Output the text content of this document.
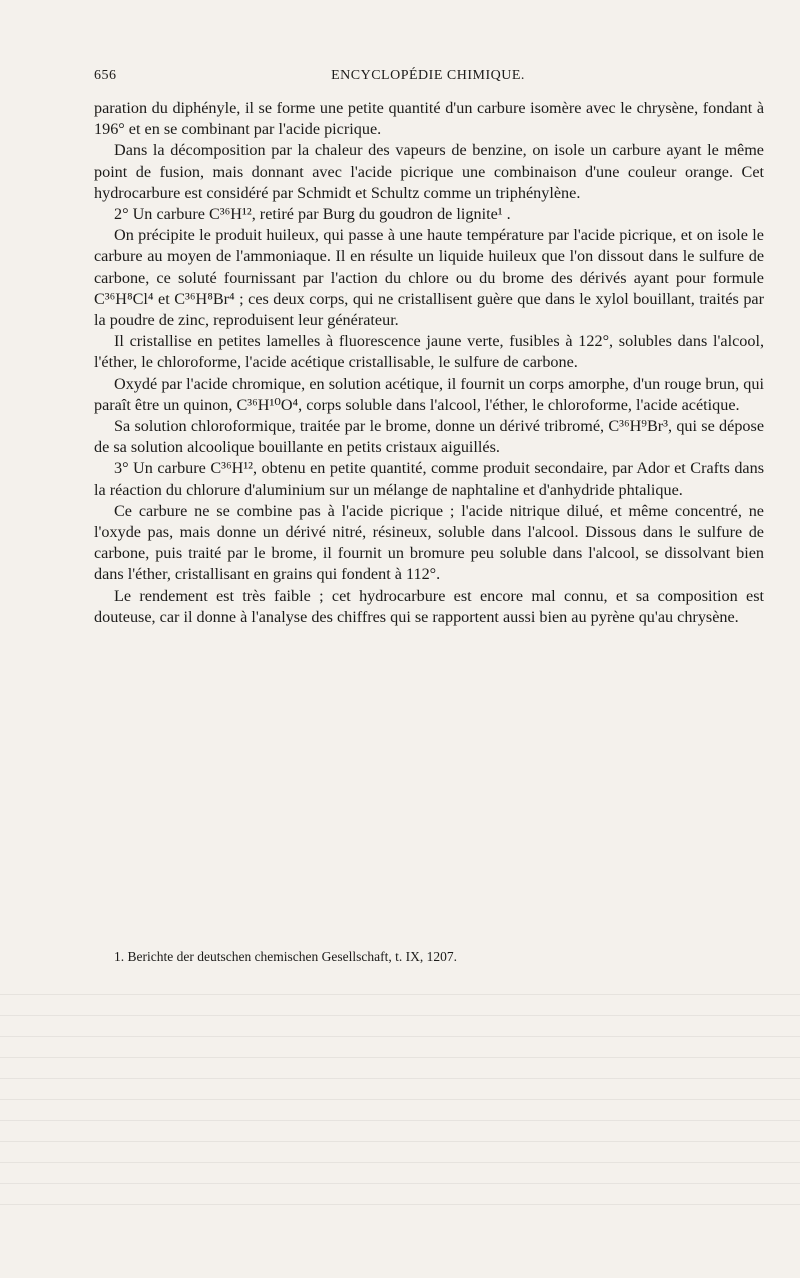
656	ENCYCLOPÉDIE CHIMIQUE.

paration du diphényle, il se forme une petite quantité d'un carbure isomère avec le chrysène, fondant à 196° et en se combinant par l'acide picrique.

Dans la décomposition par la chaleur des vapeurs de benzine, on isole un carbure ayant le même point de fusion, mais donnant avec l'acide picrique une combinaison d'une couleur orange. Cet hydrocarbure est considéré par Schmidt et Schultz comme un triphénylène.

2° Un carbure C³⁶H¹², retiré par Burg du goudron de lignite¹ .

On précipite le produit huileux, qui passe à une haute température par l'acide picrique, et on isole le carbure au moyen de l'ammoniaque. Il en résulte un liquide huileux que l'on dissout dans le sulfure de carbone, ce soluté fournissant par l'action du chlore ou du brome des dérivés ayant pour formule C³⁶H⁸Cl⁴ et C³⁶H⁸Br⁴ ; ces deux corps, qui ne cristallisent guère que dans le xylol bouillant, traités par la poudre de zinc, reproduisent leur générateur.

Il cristallise en petites lamelles à fluorescence jaune verte, fusibles à 122°, solubles dans l'alcool, l'éther, le chloroforme, l'acide acétique cristallisable, le sulfure de carbone.

Oxydé par l'acide chromique, en solution acétique, il fournit un corps amorphe, d'un rouge brun, qui paraît être un quinon, C³⁶H¹⁰O⁴, corps soluble dans l'alcool, l'éther, le chloroforme, l'acide acétique.

Sa solution chloroformique, traitée par le brome, donne un dérivé tribromé, C³⁶H⁹Br³, qui se dépose de sa solution alcoolique bouillante en petits cristaux aiguillés.

3° Un carbure C³⁶H¹², obtenu en petite quantité, comme produit secondaire, par Ador et Crafts dans la réaction du chlorure d'aluminium sur un mélange de naphtaline et d'anhydride phtalique.

Ce carbure ne se combine pas à l'acide picrique ; l'acide nitrique dilué, et même concentré, ne l'oxyde pas, mais donne un dérivé nitré, résineux, soluble dans l'alcool. Dissous dans le sulfure de carbone, puis traité par le brome, il fournit un bromure peu soluble dans l'alcool, se dissolvant bien dans l'éther, cristallisant en grains qui fondent à 112°.

Le rendement est très faible ; cet hydrocarbure est encore mal connu, et sa composition est douteuse, car il donne à l'analyse des chiffres qui se rapportent aussi bien au pyrène qu'au chrysène.

1. Berichte der deutschen chemischen Gesellschaft, t. IX, 1207.
